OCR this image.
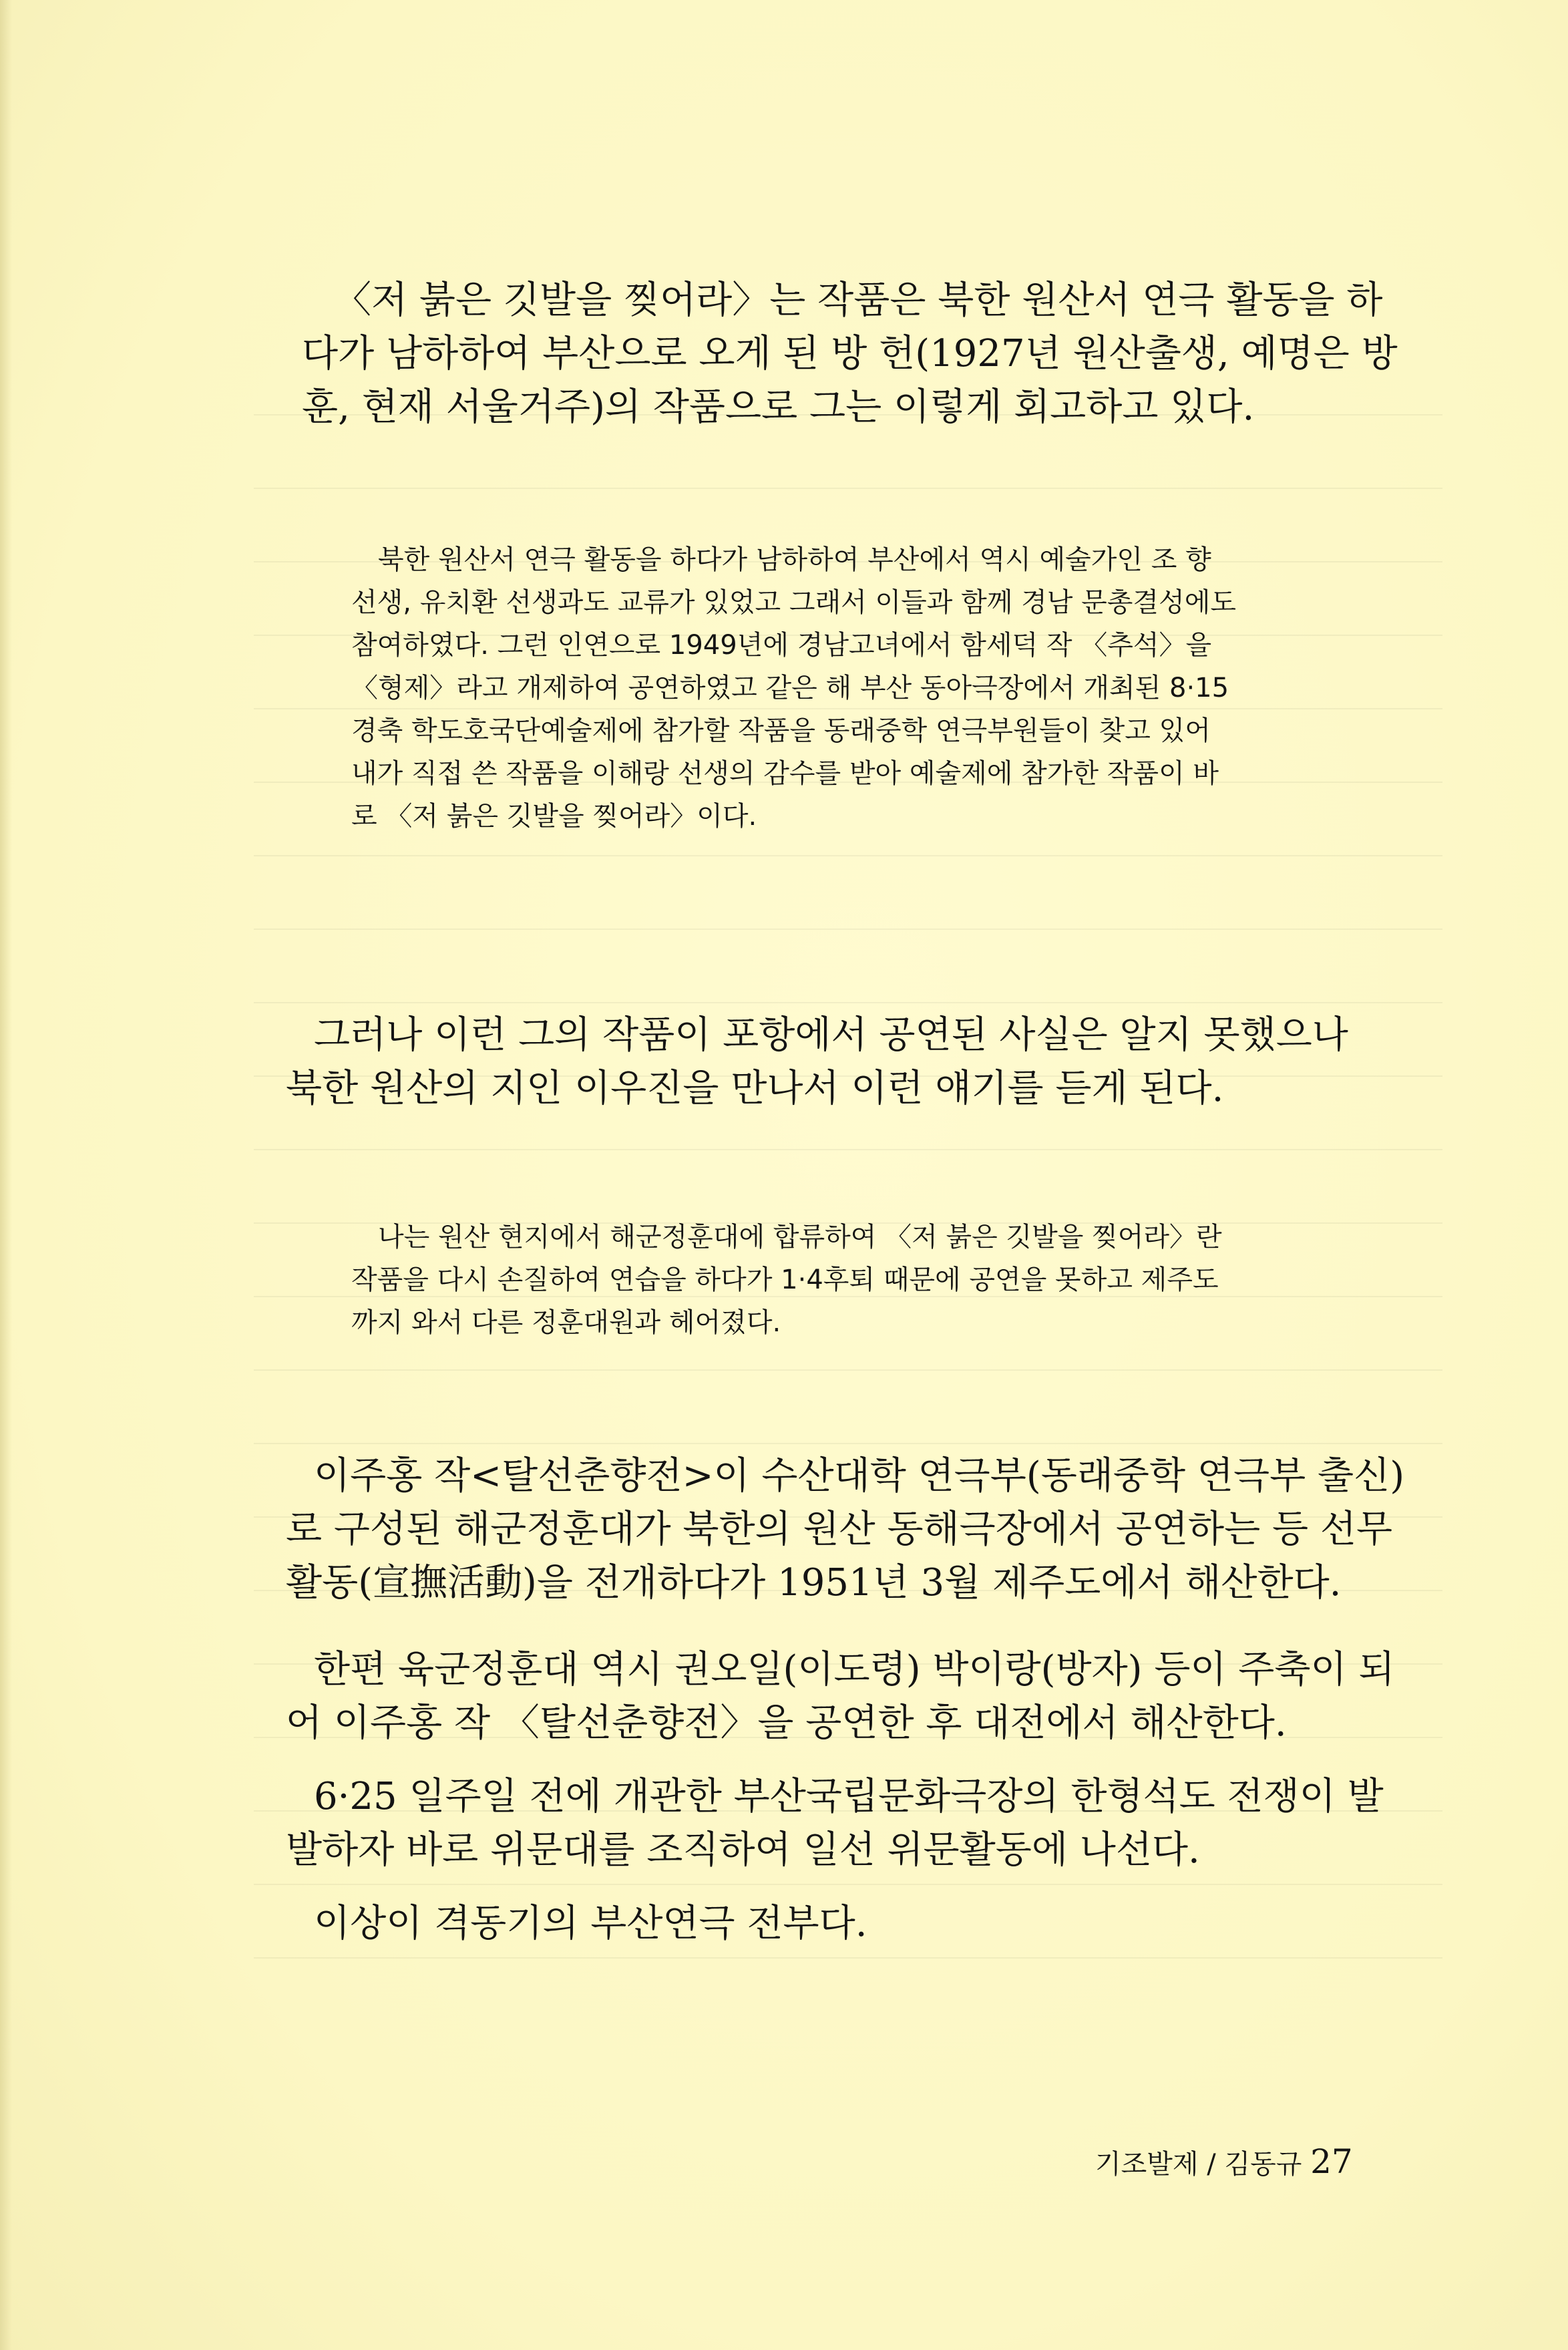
〈저 붉은 깃발을 찢어라〉는 작품은 북한 원산서 연극 활동을 하
다가 남하하여 부산으로 오게 된 방 헌(1927년 원산출생, 예명은 방
훈, 현재 서울거주)의 작품으로 그는 이렇게 회고하고 있다.
북한 원산서 연극 활동을 하다가 남하하여 부산에서 역시 예술가인 조 향
선생, 유치환 선생과도 교류가 있었고 그래서 이들과 함께 경남 문총결성에도
참여하였다. 그런 인연으로 1949년에 경남고녀에서 함세덕 작 〈추석〉을
〈형제〉라고 개제하여 공연하였고 같은 해 부산 동아극장에서 개최된 8·15
경축 학도호국단예술제에 참가할 작품을 동래중학 연극부원들이 찾고 있어
내가 직접 쓴 작품을 이해랑 선생의 감수를 받아 예술제에 참가한 작품이 바
로 〈저 붉은 깃발을 찢어라〉이다.
그러나 이런 그의 작품이 포항에서 공연된 사실은 알지 못했으나
북한 원산의 지인 이우진을 만나서 이런 얘기를 듣게 된다.
나는 원산 현지에서 해군정훈대에 합류하여 〈저 붉은 깃발을 찢어라〉란
작품을 다시 손질하여 연습을 하다가 1·4후퇴 때문에 공연을 못하고 제주도
까지 와서 다른 정훈대원과 헤어졌다.
이주홍 작<탈선춘향전>이 수산대학 연극부(동래중학 연극부 출신)
로 구성된 해군정훈대가 북한의 원산 동해극장에서 공연하는 등 선무
활동(宣撫活動)을 전개하다가 1951년 3월 제주도에서 해산한다.
한편 육군정훈대 역시 권오일(이도령) 박이랑(방자) 등이 주축이 되
어 이주홍 작 〈탈선춘향전〉을 공연한 후 대전에서 해산한다.
6·25 일주일 전에 개관한 부산국립문화극장의 한형석도 전쟁이 발
발하자 바로 위문대를 조직하여 일선 위문활동에 나선다.
이상이 격동기의 부산연극 전부다.
기조발제 / 김동규 27
